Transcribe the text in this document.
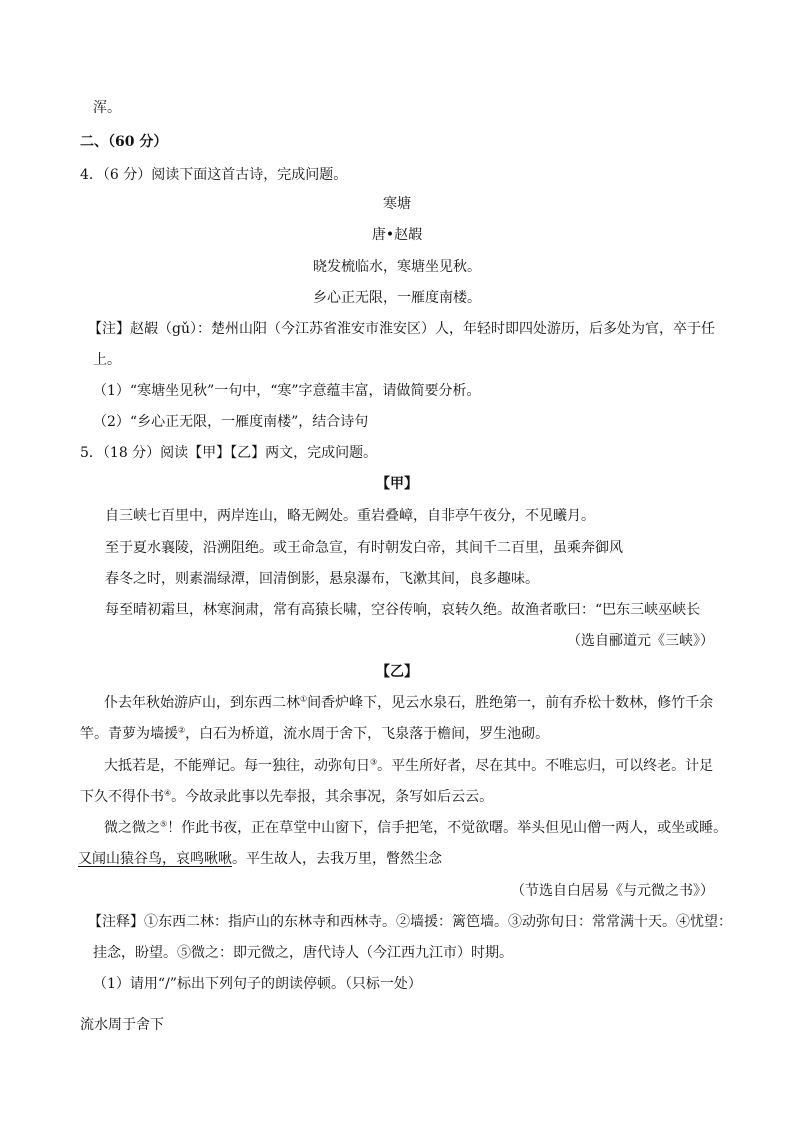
浑。
二、（60 分）
4．（6 分）阅读下面这首古诗，完成问题。
寒塘
唐•赵嘏
晓发梳临水，寒塘坐见秋。
乡心正无限，一雁度南楼。
【注】赵嘏（gǔ）：楚州山阳（今江苏省淮安市淮安区）人，年轻时即四处游历，后多处为官，卒于任
上。
（1）“寒塘坐见秋”一句中，“寒”字意蕴丰富，请做简要分析。
（2）“乡心正无限，一雁度南楼”，结合诗句
5．（18 分）阅读【甲】【乙】两文，完成问题。
【甲】
自三峡七百里中，两岸连山，略无阙处。重岩叠嶂，自非亭午夜分，不见曦月。
至于夏水襄陵，沿溯阻绝。或王命急宣，有时朝发白帝，其间千二百里，虽乘奔御风
春冬之时，则素湍绿潭，回清倒影，悬泉瀑布，飞漱其间，良多趣味。
每至晴初霜旦，林寒涧肃，常有高猿长啸，空谷传响，哀转久绝。故渔者歌曰：“巴东三峡巫峡长
（选自郦道元《三峡》）
【乙】
仆去年秋始游庐山，到东西二林①间香炉峰下，见云水泉石，胜绝第一，前有乔松十数林，修竹千余
竿。青萝为墙援②，白石为桥道，流水周于舍下，飞泉落于檐间，罗生池砌。
大抵若是，不能殚记。每一独往，动弥旬日③。平生所好者，尽在其中。不唯忘归，可以终老。计足
下久不得仆书④。今故录此事以先奉报，其余事况，条写如后云云。
微之微之⑤！作此书夜，正在草堂中山窗下，信手把笔，不觉欲曙。举头但见山僧一两人，或坐或睡。
又闻山猿谷鸟，哀鸣啾啾。平生故人，去我万里，瞥然尘念
（节选自白居易《与元微之书》）
【注释】①东西二林：指庐山的东林寺和西林寺。②墙援：篱笆墙。③动弥旬日：常常满十天。④忧望：
挂念，盼望。⑤微之：即元微之，唐代诗人（今江西九江市）时期。
（1）请用“/”标出下列句子的朗读停顿。（只标一处）
流水周于舍下
